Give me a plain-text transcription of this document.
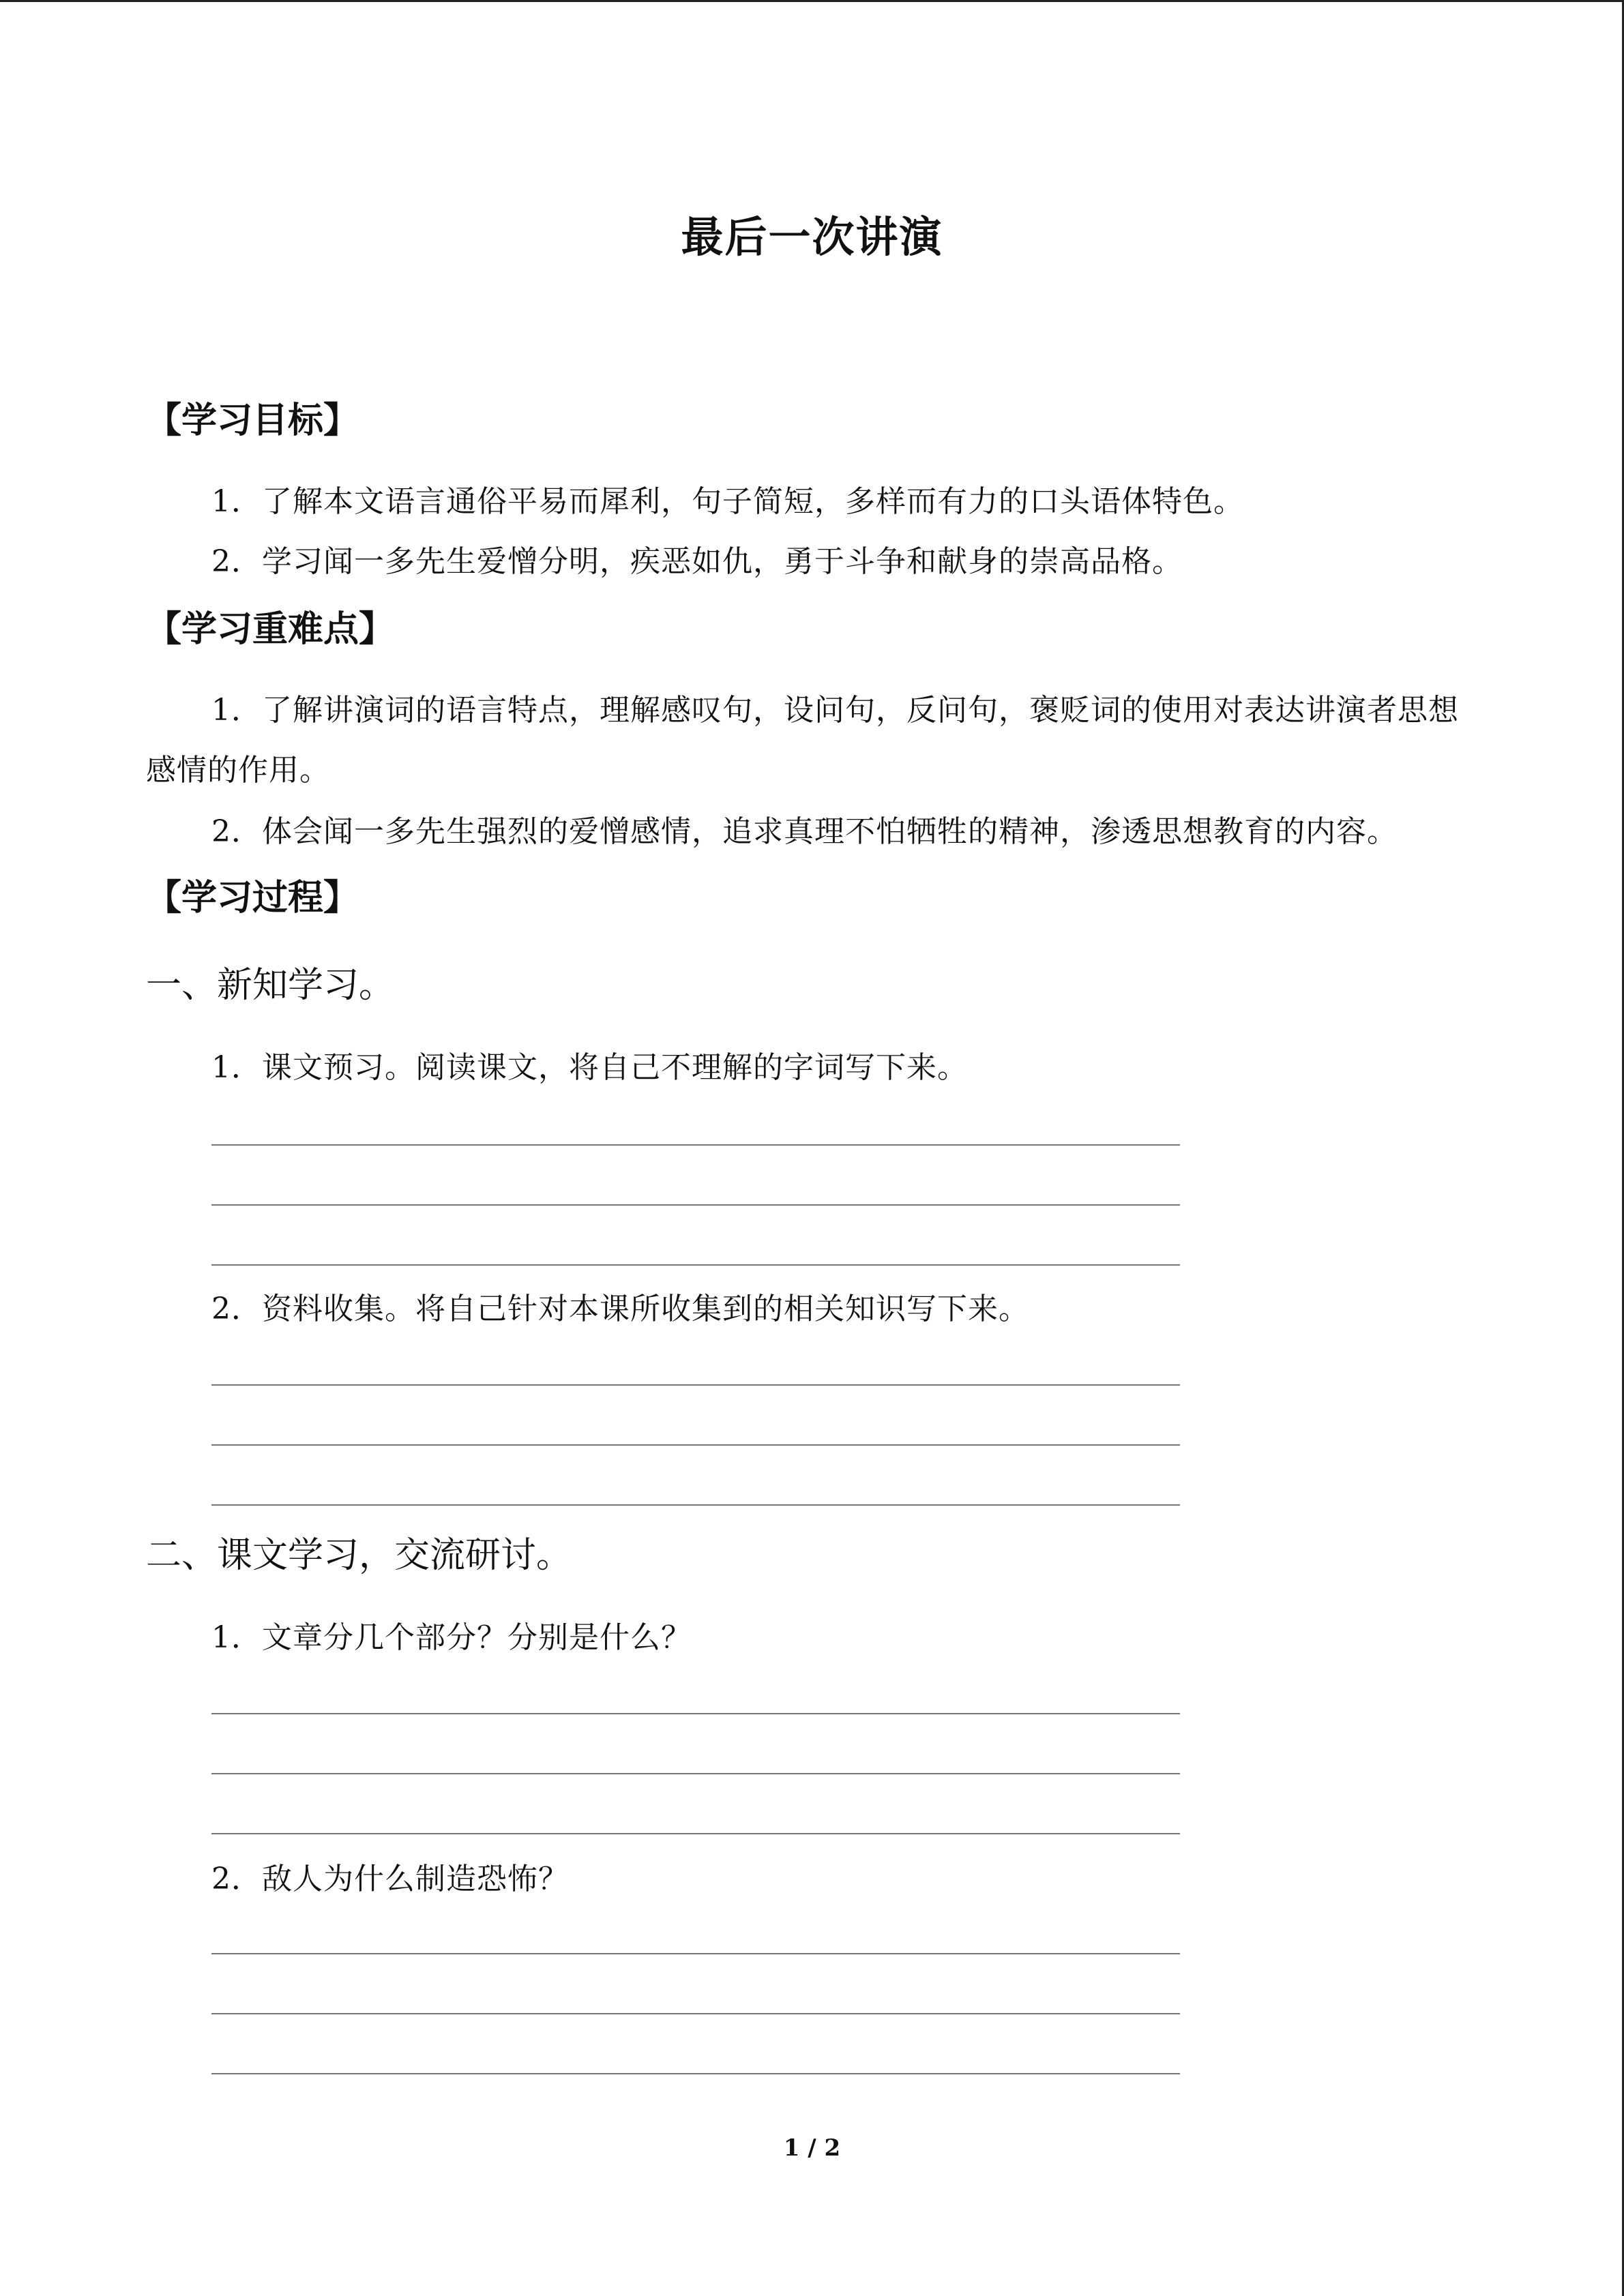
最后一次讲演
【学习目标】
1．了解本文语言通俗平易而犀利，句子简短，多样而有力的口头语体特色。
2．学习闻一多先生爱憎分明，疾恶如仇，勇于斗争和献身的崇高品格。
【学习重难点】
1．了解讲演词的语言特点，理解感叹句，设问句，反问句，褒贬词的使用对表达讲演者思想感情的作用。
2．体会闻一多先生强烈的爱憎感情，追求真理不怕牺牲的精神，渗透思想教育的内容。
【学习过程】
一、新知学习。
1．课文预习。阅读课文，将自己不理解的字词写下来。
2．资料收集。将自己针对本课所收集到的相关知识写下来。
二、课文学习，交流研讨。
1．文章分几个部分？分别是什么？
2．敌人为什么制造恐怖？
1 / 2
